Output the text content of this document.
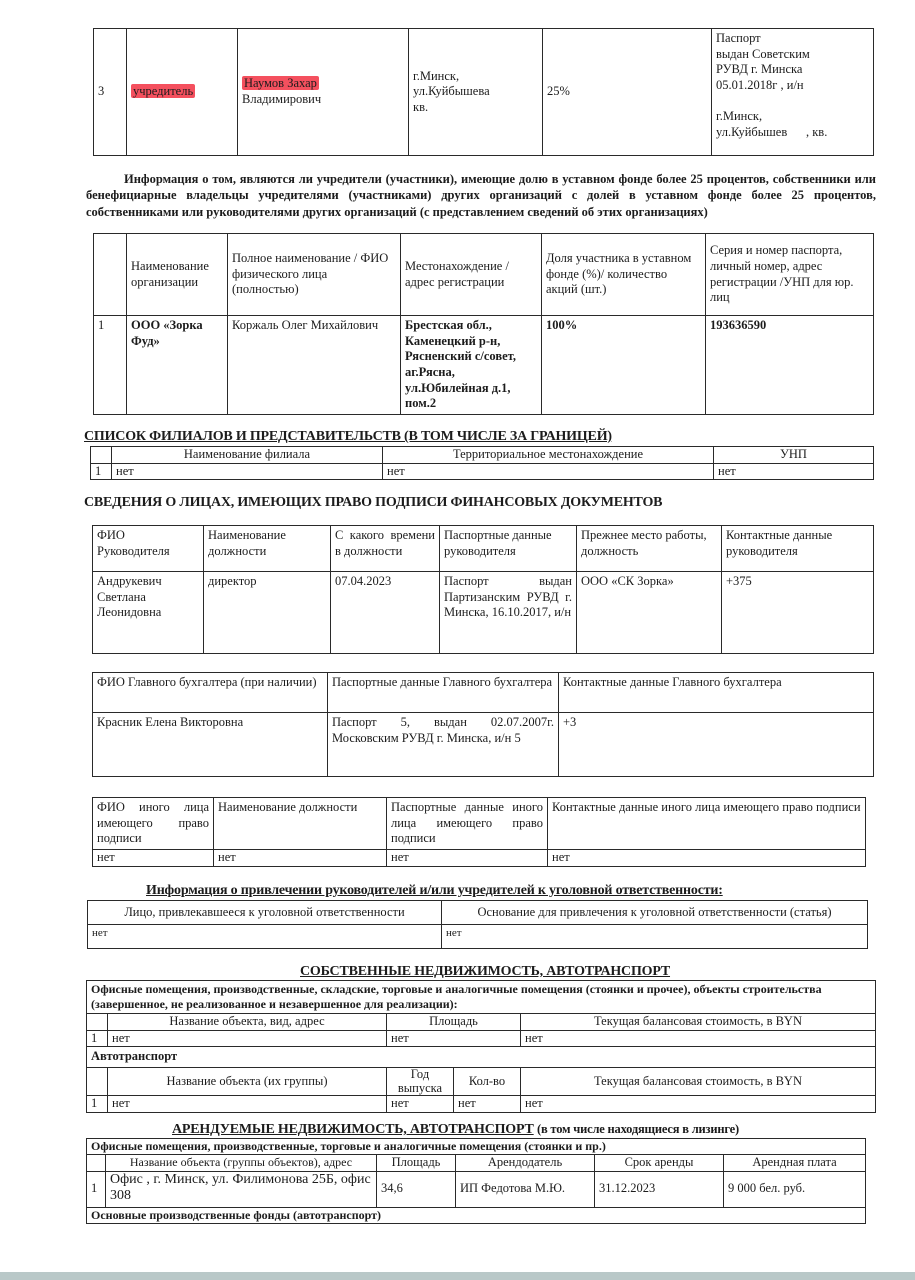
3	учредитель	Наумов Захар
Владимирович	г.Минск,
ул.Куйбышева
кв.	25%	Паспорт
выдан Советским
РУВД г. Минска
05.01.2018г , и/н

г.Минск,
ул.Куйбышев , кв.
Информация о том, являются ли учредители (участники), имеющие долю в уставном фонде более 25 процентов, собственники или бенефициарные владельцы учредителями (участниками) других организаций с долей в уставном фонде более 25 процентов, собственниками или руководителями других организаций (с представлением сведений об этих организациях)
	Наименование организации	Полное наименование / ФИО физического лица (полностью)	Местонахождение / адрес регистрации	Доля участника в уставном фонде (%)/ количество акций (шт.)	Серия и номер паспорта, личный номер, адрес регистрации /УНП для юр. лиц
1	ООО «Зорка Фуд»	Коржаль Олег Михайлович	Брестская обл., Каменецкий р-н, Рясненский с/совет, аг.Рясна, ул.Юбилейная д.1, пом.2	100%	193636590
СПИСОК ФИЛИАЛОВ И ПРЕДСТАВИТЕЛЬСТВ (В ТОМ ЧИСЛЕ ЗА ГРАНИЦЕЙ)
	Наименование филиала	Территориальное местонахождение	УНП
1	нет	нет	нет
СВЕДЕНИЯ О ЛИЦАХ, ИМЕЮЩИХ ПРАВО ПОДПИСИ ФИНАНСОВЫХ ДОКУМЕНТОВ
ФИО Руководителя	Наименование должности	С какого времени в должности	Паспортные данные руководителя	Прежнее место работы, должность	Контактные данные руководителя
Андрукевич Светлана Леонидовна	директор	07.04.2023	Паспорт выдан Партизанским РУВД г. Минска, 16.10.2017, и/н	ООО «СК Зорка»	+375
ФИО Главного бухгалтера (при наличии)	Паспортные данные Главного бухгалтера	Контактные данные Главного бухгалтера
Красник Елена Викторовна	Паспорт 5, выдан 02.07.2007г. Московским РУВД г. Минска, и/н 5	+3
ФИО иного лица имеющего право подписи	Наименование должности	Паспортные данные иного лица имеющего право подписи	Контактные данные иного лица имеющего право подписи
нет	нет	нет	нет
Информация о привлечении руководителей и/или учредителей к уголовной ответственности:
Лицо, привлекавшееся к уголовной ответственности	Основание для привлечения к уголовной ответственности (статья)
нет	нет
СОБСТВЕННЫЕ НЕДВИЖИМОСТЬ, АВТОТРАНСПОРТ
Офисные помещения, производственные, складские, торговые и аналогичные помещения (стоянки и прочее), объекты строительства (завершенное, не реализованное и незавершенное для реализации):				
	Название объекта, вид, адрес	Площадь		Текущая балансовая стоимость, в BYN
1	нет	нет		нет
Автотранспорт				
	Название объекта (их группы)	Год выпуска	Кол-во	Текущая балансовая стоимость, в BYN
1	нет	нет	нет	нет
АРЕНДУЕМЫЕ НЕДВИЖИМОСТЬ, АВТОТРАНСПОРТ (в том числе находящиеся в лизинге)
Офисные помещения, производственные, торговые и аналогичные помещения (стоянки и пр.)					
	Название объекта (группы объектов), адрес	Площадь	Арендодатель	Срок аренды	Арендная плата
1	Офис , г. Минск, ул. Филимонова 25Б, офис 308	34,6	ИП Федотова М.Ю.	31.12.2023	9 000 бел. руб.
Основные производственные фонды (автотранспорт)					
